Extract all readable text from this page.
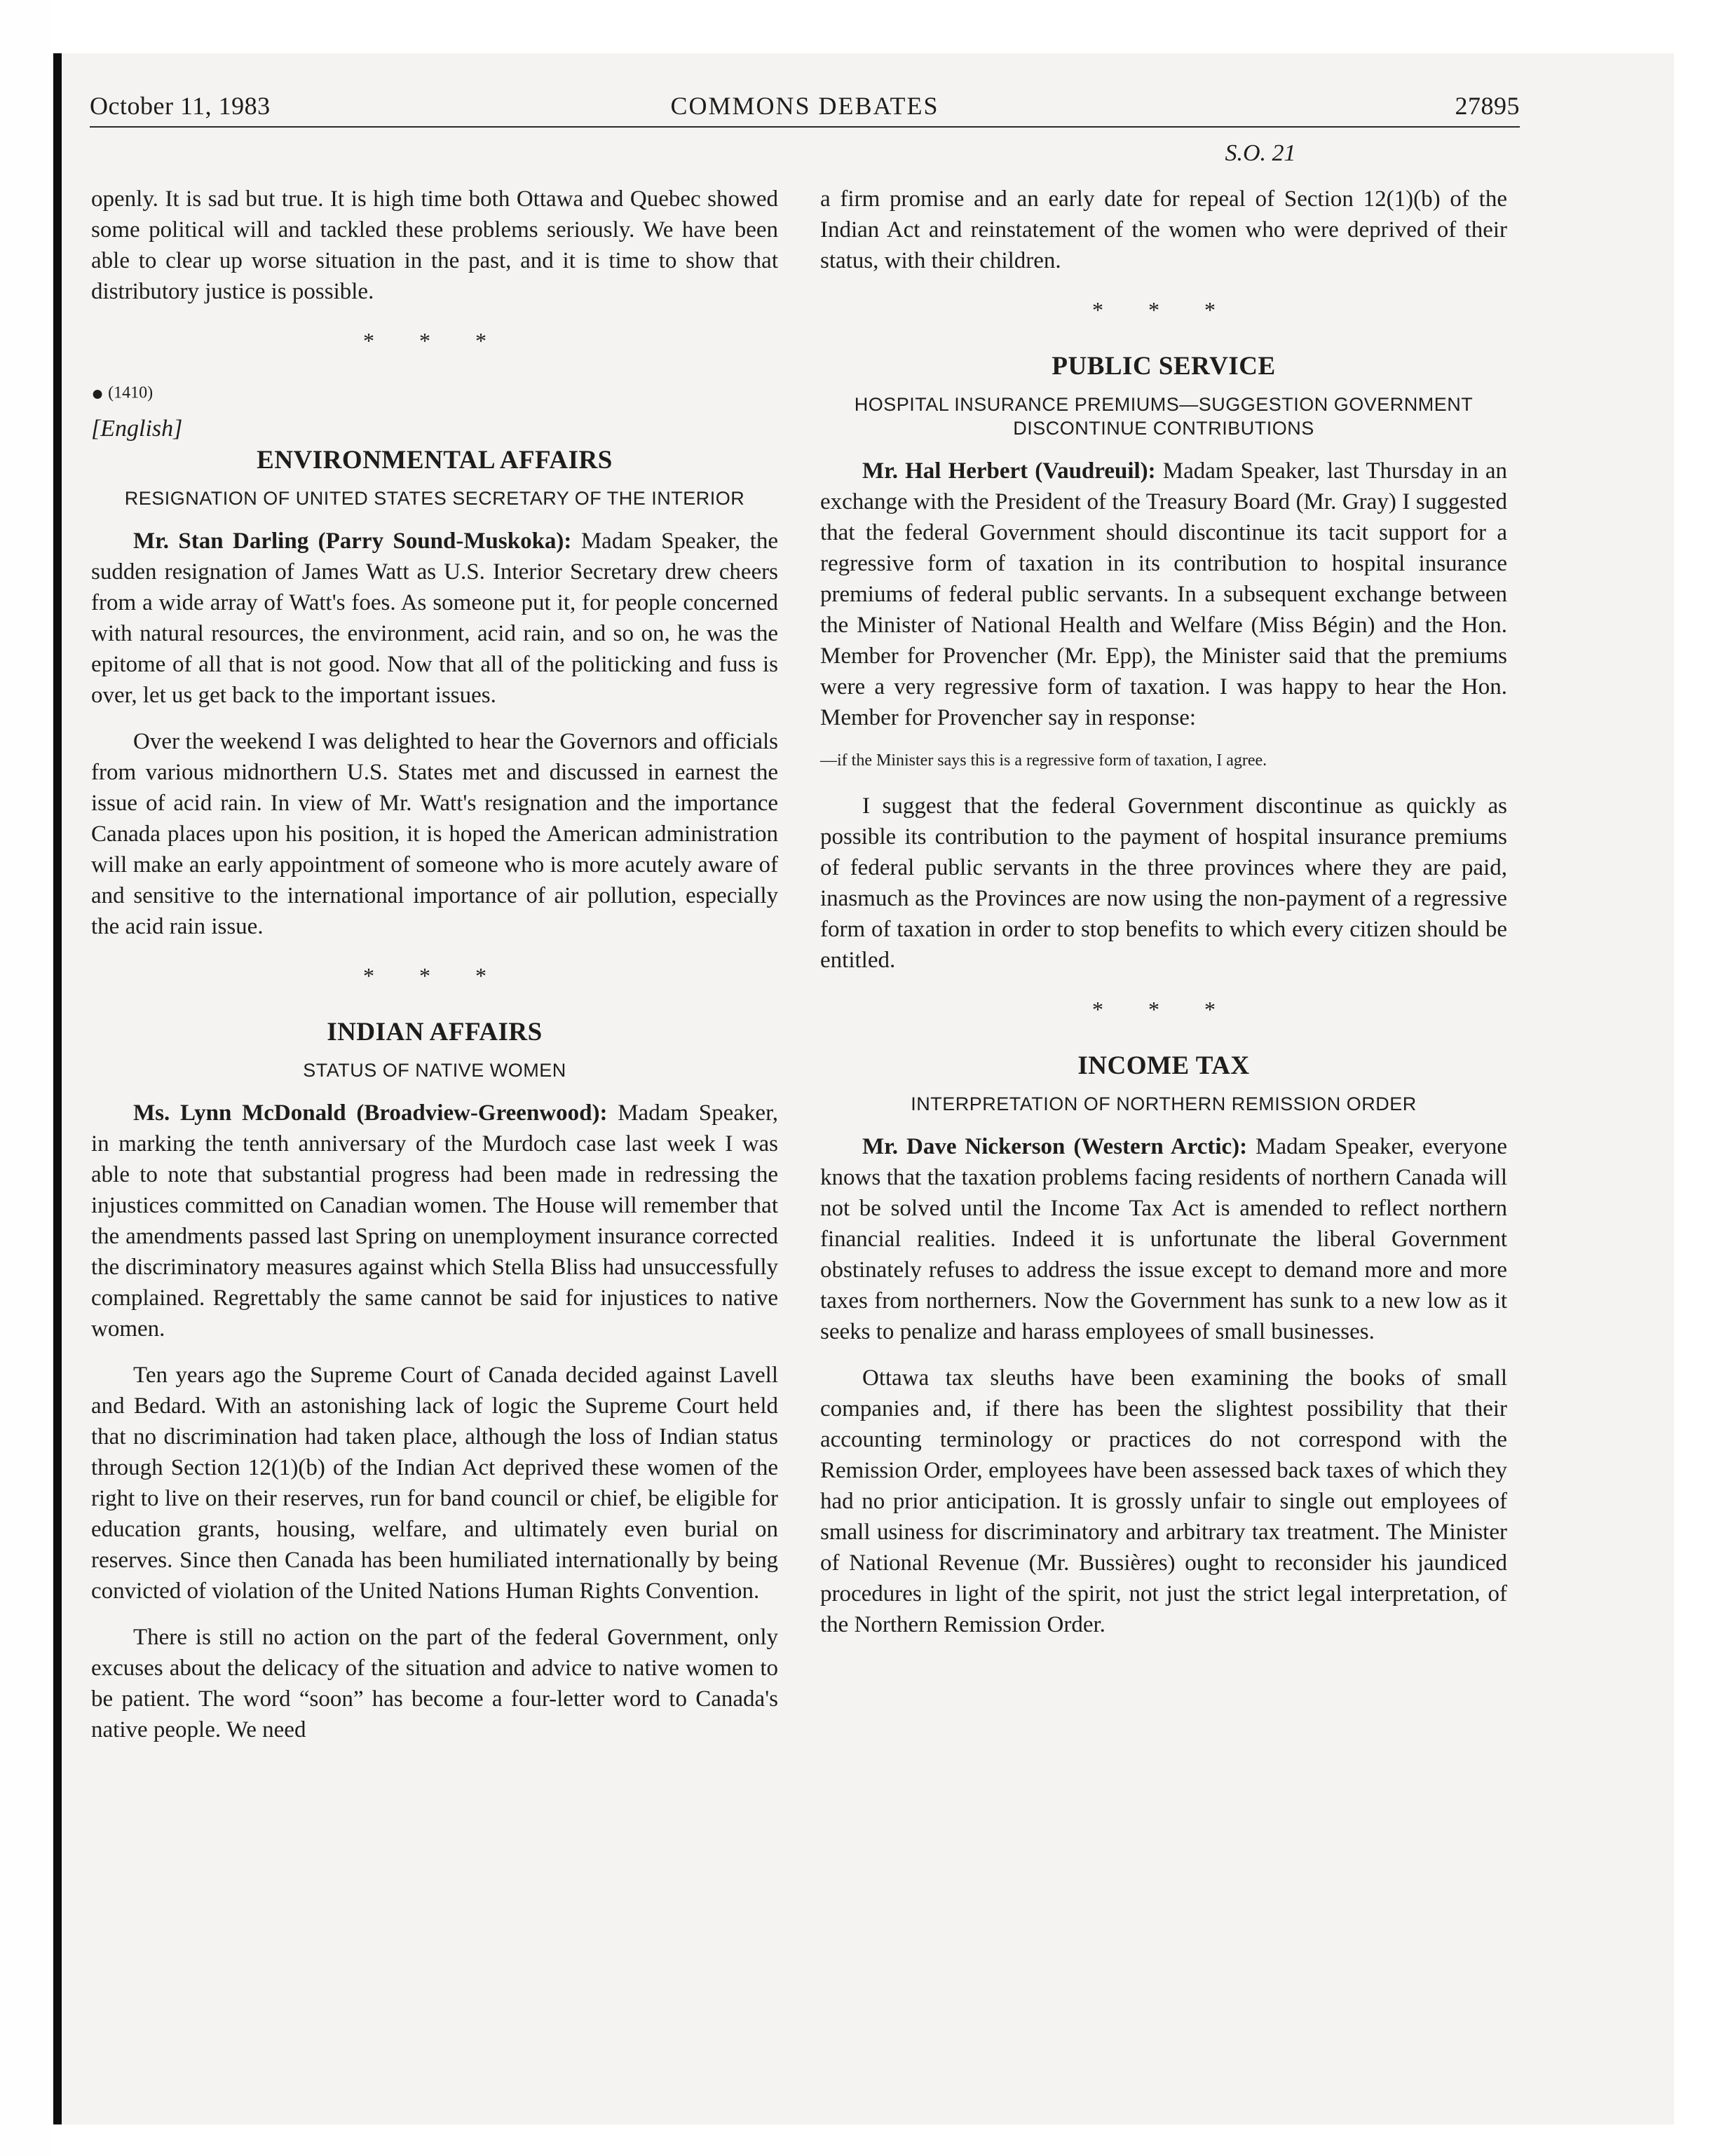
October 11, 1983	COMMONS DEBATES	27895
S.O. 21

openly. It is sad but true. It is high time both Ottawa and Quebec showed some political will and tackled these problems seriously. We have been able to clear up worse situation in the past, and it is time to show that distributory justice is possible.

* * *
● (1410)
[English]
ENVIRONMENTAL AFFAIRS
RESIGNATION OF UNITED STATES SECRETARY OF THE INTERIOR

Mr. Stan Darling (Parry Sound-Muskoka): Madam Speaker, the sudden resignation of James Watt as U.S. Interior Secretary drew cheers from a wide array of Watt's foes. As someone put it, for people concerned with natural resources, the environment, acid rain, and so on, he was the epitome of all that is not good. Now that all of the politicking and fuss is over, let us get back to the important issues.

Over the weekend I was delighted to hear the Governors and officials from various midnorthern U.S. States met and discussed in earnest the issue of acid rain. In view of Mr. Watt's resignation and the importance Canada places upon his position, it is hoped the American administration will make an early appointment of someone who is more acutely aware of and sensitive to the international importance of air pollution, especially the acid rain issue.

* * *
INDIAN AFFAIRS
STATUS OF NATIVE WOMEN

Ms. Lynn McDonald (Broadview-Greenwood): Madam Speaker, in marking the tenth anniversary of the Murdoch case last week I was able to note that substantial progress had been made in redressing the injustices committed on Canadian women. The House will remember that the amendments passed last Spring on unemployment insurance corrected the discriminatory measures against which Stella Bliss had unsuccessfully complained. Regrettably the same cannot be said for injustices to native women.

Ten years ago the Supreme Court of Canada decided against Lavell and Bedard. With an astonishing lack of logic the Supreme Court held that no discrimination had taken place, although the loss of Indian status through Section 12(1)(b) of the Indian Act deprived these women of the right to live on their reserves, run for band council or chief, be eligible for education grants, housing, welfare, and ultimately even burial on reserves. Since then Canada has been humiliated internationally by being convicted of violation of the United Nations Human Rights Convention.

There is still no action on the part of the federal Government, only excuses about the delicacy of the situation and advice to native women to be patient. The word “soon” has become a four-letter word to Canada's native people. We need

a firm promise and an early date for repeal of Section 12(1)(b) of the Indian Act and reinstatement of the women who were deprived of their status, with their children.

* * *
PUBLIC SERVICE
HOSPITAL INSURANCE PREMIUMS—SUGGESTION GOVERNMENT DISCONTINUE CONTRIBUTIONS

Mr. Hal Herbert (Vaudreuil): Madam Speaker, last Thursday in an exchange with the President of the Treasury Board (Mr. Gray) I suggested that the federal Government should discontinue its tacit support for a regressive form of taxation in its contribution to hospital insurance premiums of federal public servants. In a subsequent exchange between the Minister of National Health and Welfare (Miss Bégin) and the Hon. Member for Provencher (Mr. Epp), the Minister said that the premiums were a very regressive form of taxation. I was happy to hear the Hon. Member for Provencher say in response:

—if the Minister says this is a regressive form of taxation, I agree.

I suggest that the federal Government discontinue as quickly as possible its contribution to the payment of hospital insurance premiums of federal public servants in the three provinces where they are paid, inasmuch as the Provinces are now using the non-payment of a regressive form of taxation in order to stop benefits to which every citizen should be entitled.

* * *
INCOME TAX
INTERPRETATION OF NORTHERN REMISSION ORDER

Mr. Dave Nickerson (Western Arctic): Madam Speaker, everyone knows that the taxation problems facing residents of northern Canada will not be solved until the Income Tax Act is amended to reflect northern financial realities. Indeed it is unfortunate the liberal Government obstinately refuses to address the issue except to demand more and more taxes from northerners. Now the Government has sunk to a new low as it seeks to penalize and harass employees of small businesses.

Ottawa tax sleuths have been examining the books of small companies and, if there has been the slightest possibility that their accounting terminology or practices do not correspond with the Remission Order, employees have been assessed back taxes of which they had no prior anticipation. It is grossly unfair to single out employees of small usiness for discriminatory and arbitrary tax treatment. The Minister of National Revenue (Mr. Bussières) ought to reconsider his jaundiced procedures in light of the spirit, not just the strict legal interpretation, of the Northern Remission Order.
